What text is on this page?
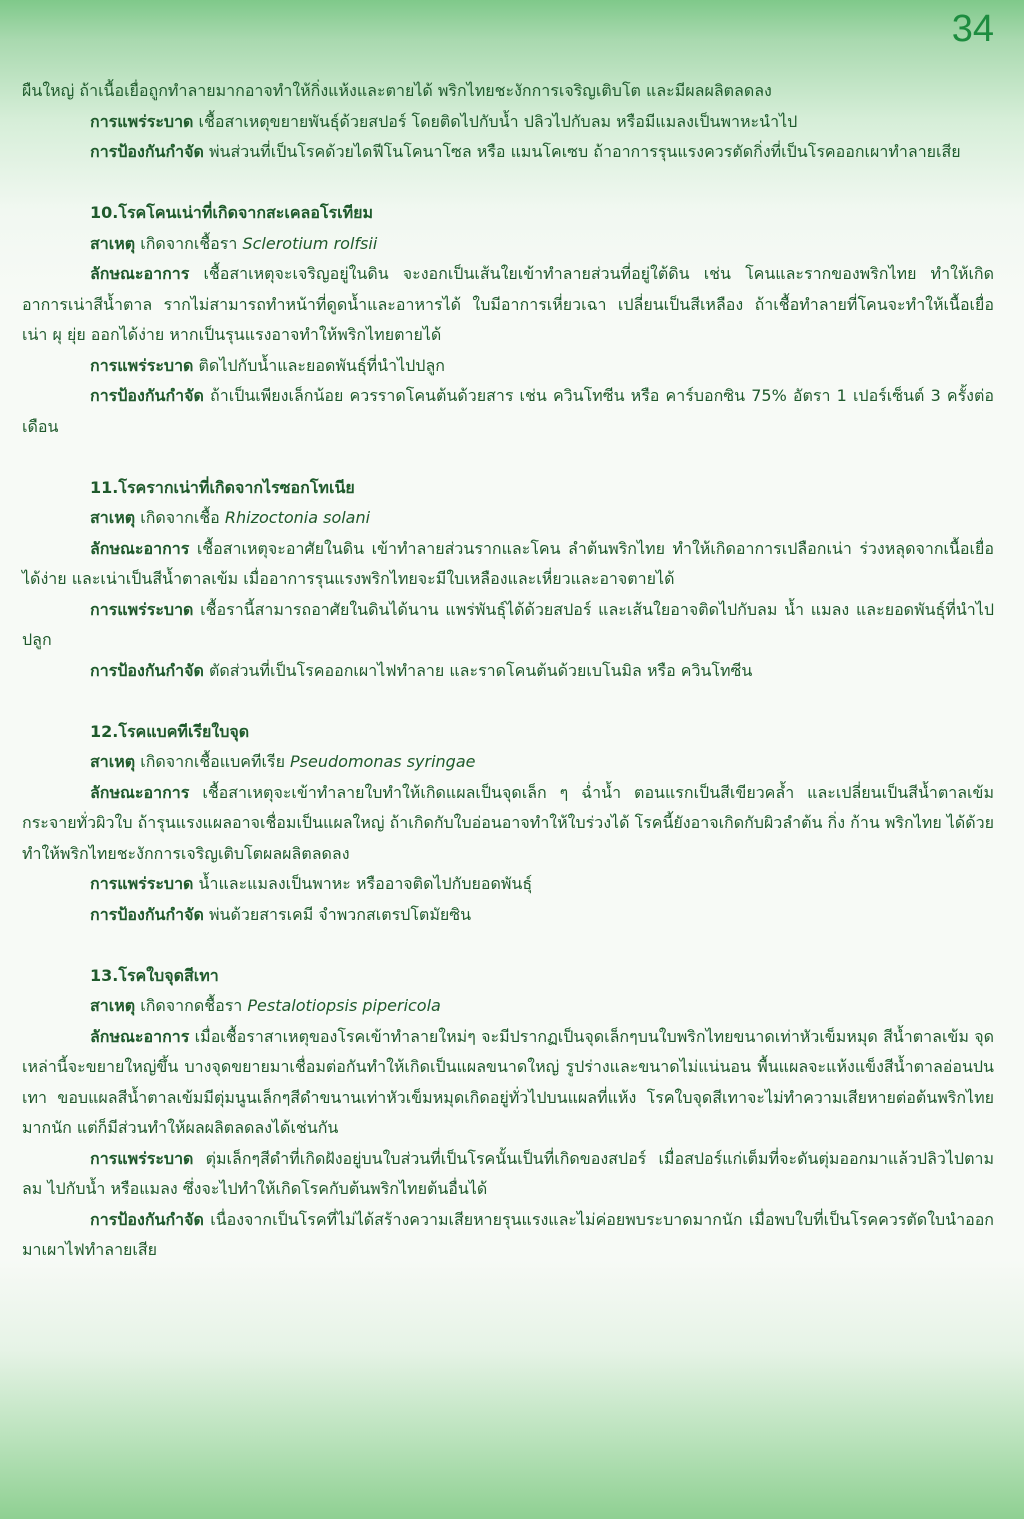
34

ผืนใหญ่ ถ้าเนื้อเยื่อถูกทำลายมากอาจทำให้กิ่งแห้งและตายได้ พริกไทยชะงักการเจริญเติบโต และมีผลผลิตลดลง

การแพร่ระบาด เชื้อสาเหตุขยายพันธุ์ด้วยสปอร์ โดยติดไปกับน้ำ ปลิวไปกับลม หรือมีแมลงเป็นพาหะนำไป

การป้องกันกำจัด พ่นส่วนที่เป็นโรคด้วยไดฟีโนโคนาโซล หรือ แมนโคเซบ ถ้าอาการรุนแรงควรตัดกิ่งที่เป็นโรคออกเผาทำลายเสีย

10.โรคโคนเน่าที่เกิดจากสะเคลอโรเทียม

สาเหตุ เกิดจากเชื้อรา Sclerotium rolfsii

ลักษณะอาการ เชื้อสาเหตุจะเจริญอยู่ในดิน จะงอกเป็นเส้นใยเข้าทำลายส่วนที่อยู่ใต้ดิน เช่น โคนและรากของพริกไทย ทำให้เกิดอาการเน่าสีน้ำตาล รากไม่สามารถทำหน้าที่ดูดน้ำและอาหารได้ ใบมีอาการเหี่ยวเฉา เปลี่ยนเป็นสีเหลือง ถ้าเชื้อทำลายที่โคนจะทำให้เนื้อเยื่อเน่า ผุ ยุ่ย ออกได้ง่าย หากเป็นรุนแรงอาจทำให้พริกไทยตายได้

การแพร่ระบาด ติดไปกับน้ำและยอดพันธุ์ที่นำไปปลูก

การป้องกันกำจัด ถ้าเป็นเพียงเล็กน้อย ควรราดโคนต้นด้วยสาร เช่น ควินโทซีน หรือ คาร์บอกซิน 75% อัตรา 1 เปอร์เซ็นต์ 3 ครั้งต่อเดือน

11.โรครากเน่าที่เกิดจากไรซอกโทเนีย

สาเหตุ เกิดจากเชื้อ Rhizoctonia solani

ลักษณะอาการ เชื้อสาเหตุจะอาศัยในดิน เข้าทำลายส่วนรากและโคน ลำต้นพริกไทย ทำให้เกิดอาการเปลือกเน่า ร่วงหลุดจากเนื้อเยื่อได้ง่าย และเน่าเป็นสีน้ำตาลเข้ม เมื่ออาการรุนแรงพริกไทยจะมีใบเหลืองและเหี่ยวและอาจตายได้

การแพร่ระบาด เชื้อรานี้สามารถอาศัยในดินได้นาน แพร่พันธุ์ได้ด้วยสปอร์ และเส้นใยอาจติดไปกับลม น้ำ แมลง และยอดพันธุ์ที่นำไปปลูก

การป้องกันกำจัด ตัดส่วนที่เป็นโรคออกเผาไฟทำลาย และราดโคนต้นด้วยเบโนมิล หรือ ควินโทซีน

12.โรคแบคทีเรียใบจุด

สาเหตุ เกิดจากเชื้อแบคทีเรีย Pseudomonas syringae

ลักษณะอาการ เชื้อสาเหตุจะเข้าทำลายใบทำให้เกิดแผลเป็นจุดเล็ก ๆ ฉ่ำน้ำ ตอนแรกเป็นสีเขียวคล้ำ และเปลี่ยนเป็นสีน้ำตาลเข้ม กระจายทั่วผิวใบ ถ้ารุนแรงแผลอาจเชื่อมเป็นแผลใหญ่ ถ้าเกิดกับใบอ่อนอาจทำให้ใบร่วงได้ โรคนี้ยังอาจเกิดกับผิวลำต้น กิ่ง ก้าน พริกไทย ได้ด้วย ทำให้พริกไทยชะงักการเจริญเติบโตผลผลิตลดลง

การแพร่ระบาด น้ำและแมลงเป็นพาหะ หรืออาจติดไปกับยอดพันธุ์

การป้องกันกำจัด พ่นด้วยสารเคมี จำพวกสเตรปโตมัยซิน

13.โรคใบจุดสีเทา

สาเหตุ เกิดจากดชื้อรา Pestalotiopsis pipericola

ลักษณะอาการ เมื่อเชื้อราสาเหตุของโรคเข้าทำลายใหม่ๆ จะมีปรากฏเป็นจุดเล็กๆบนใบพริกไทยขนาดเท่าหัวเข็มหมุด สีน้ำตาลเข้ม จุดเหล่านี้จะขยายใหญ่ขึ้น บางจุดขยายมาเชื่อมต่อกันทำให้เกิดเป็นแผลขนาดใหญ่ รูปร่างและขนาดไม่แน่นอน พื้นแผลจะแห้งแข็งสีน้ำตาลอ่อนปนเทา ขอบแผลสีน้ำตาลเข้มมีตุ่มนูนเล็กๆสีดำขนานเท่าหัวเข็มหมุดเกิดอยู่ทั่วไปบนแผลที่แห้ง โรคใบจุดสีเทาจะไม่ทำความเสียหายต่อต้นพริกไทยมากนัก แต่ก็มีส่วนทำให้ผลผลิตลดลงได้เช่นกัน

การแพร่ระบาด ตุ่มเล็กๆสีดำที่เกิดฝังอยู่บนใบส่วนที่เป็นโรคนั้นเป็นที่เกิดของสปอร์ เมื่อสปอร์แก่เต็มที่จะดันตุ่มออกมาแล้วปลิวไปตามลม ไปกับน้ำ หรือแมลง ซึ่งจะไปทำให้เกิดโรคกับต้นพริกไทยต้นอื่นได้

การป้องกันกำจัด เนื่องจากเป็นโรคที่ไม่ได้สร้างความเสียหายรุนแรงและไม่ค่อยพบระบาดมากนัก เมื่อพบใบที่เป็นโรคควรตัดใบนำออกมาเผาไฟทำลายเสีย
